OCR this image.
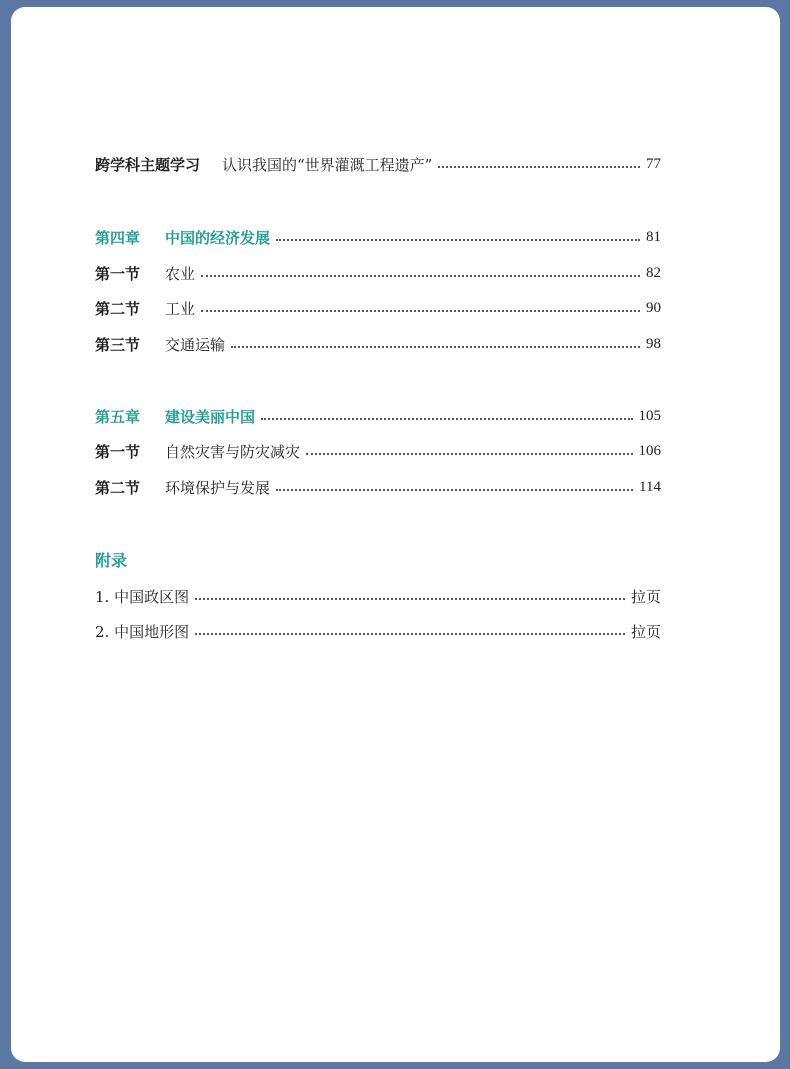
跨学科主题学习 认识我国的“世界灌溉工程遗产”	77
第四章	中国的经济发展	81
第一节	农业	82
第二节	工业	90
第三节	交通运输	98
第五章	建设美丽中国	105
第一节	自然灾害与防灾减灾	106
第二节	环境保护与发展	114
附录
1. 中国政区图	拉页
2. 中国地形图	拉页
